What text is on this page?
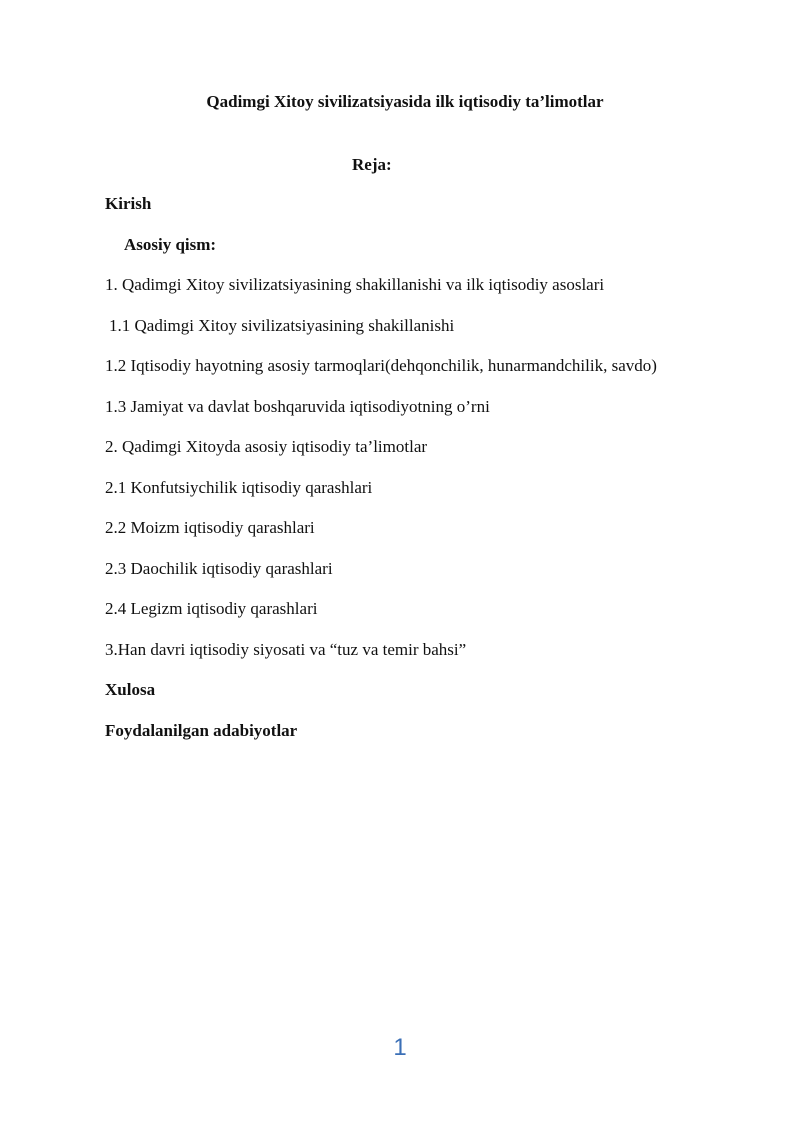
Qadimgi Xitoy sivilizatsiyasida ilk iqtisodiy ta’limotlar
Reja:
Kirish
Asosiy qism:
1. Qadimgi Xitoy sivilizatsiyasining shakillanishi va ilk iqtisodiy asoslari
1.1 Qadimgi Xitoy sivilizatsiyasining shakillanishi
1.2 Iqtisodiy hayotning asosiy tarmoqlari(dehqonchilik, hunarmandchilik, savdo)
1.3 Jamiyat va davlat boshqaruvida iqtisodiyotning o’rni
2. Qadimgi Xitoyda asosiy iqtisodiy ta’limotlar
2.1 Konfutsiychilik iqtisodiy qarashlari
2.2 Moizm iqtisodiy qarashlari
2.3 Daochilik iqtisodiy qarashlari
2.4 Legizm iqtisodiy qarashlari
3.Han davri iqtisodiy siyosati va “tuz va temir bahsi”
Xulosa
Foydalanilgan adabiyotlar
1
